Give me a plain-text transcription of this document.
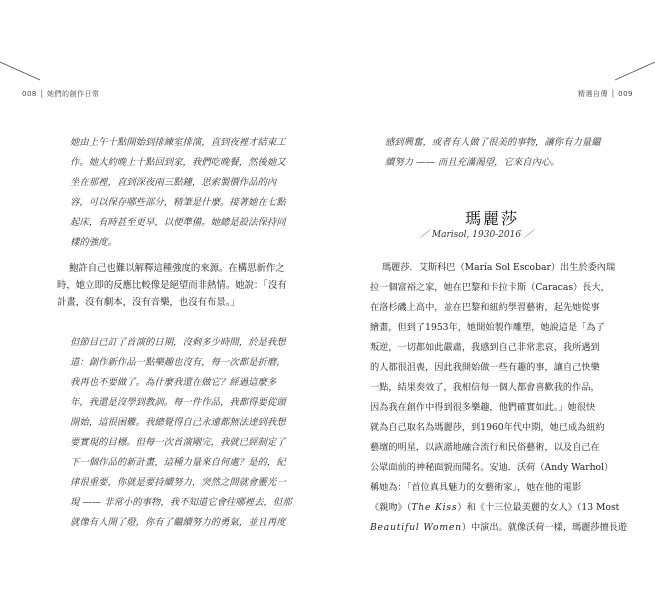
008 │ 她們的創作日常	精選自傳 │ 009
她由上午十點開始到排練室排演，直到夜裡才結束工
作。她大約晚上十點回到家，我們吃晚餐，然後她又
坐在那裡，直到深夜兩三點鐘，思索製價作品的內
容，可以保存哪些部分，精筆是什麼。接著她在七點
起床，有時甚至更早，以便準備。她總是設法保持同
樣的強度。
鮑許自己也難以解釋這種強度的來源。在構思新作之
時，她立即的反應比較像是絕望而非熱情。她說：「沒有
計畫，沒有劇本，沒有音樂，也沒有布景。」
但節目已訂了首演的日期，沒剩多少時間，於是我想
道：創作新作品一點樂趣也沒有，每一次都是折磨，
我再也不要做了。為什麼我還在做它？經過這麼多
年，我還是沒學到教訓。每一件作品，我都得要從頭
開始，這很困難。我總覺得自己永遠都無法達到我想
要實現的目標。但每一次首演剛完，我就已經制定了
下一個作品的新計畫，這種力量來自何處？是的，紀
律很重要，你就是要持續努力，突然之間就會靈光一
現 —— 非常小的事物，我不知道它會往哪裡去，但那
就像有人開了燈，你有了繼續努力的勇氣，並且再度
感到興奮，或者有人做了很美的事物，讓你有力量繼
續努力 —— 而且充滿渴望，它來自內心。
瑪麗莎
／ Marisol, 1930-2016 ／
瑪麗莎．艾斯科巴（María Sol Escobar）出生於委內瑞
拉一個富裕之家，她在巴黎和卡拉卡斯（Caracas）長大，
在洛杉磯上高中，並在巴黎和紐約學習藝術，起先她從事
繪畫，但到了1953年，她開始製作雕塑，她說這是「為了
叛逆，一切都如此嚴肅，我感到自己非常悲哀，我所遇到
的人都很沮喪，因此我開始做一些有趣的事，讓自己快樂
一點，結果奏效了，我相信每一個人都會喜歡我的作品，
因為我在創作中得到很多樂趣，他們確實如此。」她很快
就為自己取名為瑪麗莎，到1960年代中期，她已成為紐約
藝壇的明星，以詼諧地融合流行和民俗藝術，以及自己在
公眾面前的神秘面貌而聞名。安迪．沃荷（Andy Warhol）
稱她為：「首位真具魅力的女藝術家」，她在他的電影
《親吻》（The Kiss）和《十三位最美麗的女人》（13 Most
Beautiful Women）中演出。就像沃荷一樣，瑪麗莎擅長遊
